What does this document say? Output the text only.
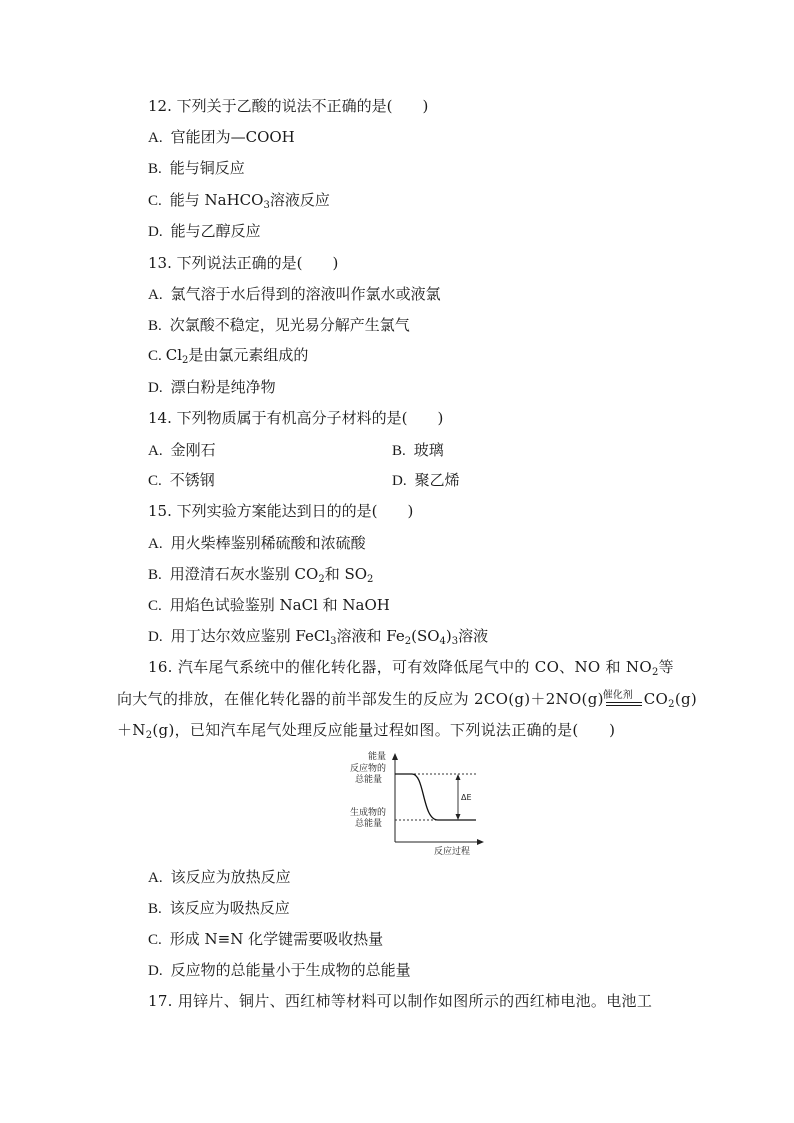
12. 下列关于乙酸的说法不正确的是(　　)
A. 官能团为—COOH
B. 能与铜反应
C. 能与 NaHCO$_3$溶液反应
D. 能与乙醇反应
13. 下列说法正确的是(　　)
A. 氯气溶于水后得到的溶液叫作氯水或液氯
B. 次氯酸不稳定，见光易分解产生氯气
C. $Cl_2$是由氯元素组成的
D. 漂白粉是纯净物
14. 下列物质属于有机高分子材料的是(　　)
A. 金刚石	B. 玻璃
C. 不锈钢	D. 聚乙烯
15. 下列实验方案能达到日的的是(　　)
A. 用火柴棒鉴别稀硫酸和浓硫酸
B. 用澄清石灰水鉴别 $CO_2$和 $SO_2$
C. 用焰色试验鉴别 NaCl 和 NaOH
D. 用丁达尔效应鉴别 FeCl$_3$溶液和 $Fe_2(SO_4)_3$溶液
16. 汽车尾气系统中的催化转化器，可有效降低尾气中的 CO、NO 和 $NO_2$等
向大气的排放，在催化转化器的前半部发生的反应为 2CO(g)＋2NO(g) 催化剂 $CO_2(g)$
$+N_2(g)$，已知汽车尾气处理反应能量过程如图。下列说法正确的是(　　)
能量
反应物的
总能量
生成物的
总能量
ΔE
反应过程
A. 该反应为放热反应
B. 该反应为吸热反应
C. 形成 N≡N 化学键需要吸收热量
D. 反应物的总能量小于生成物的总能量
17. 用锌片、铜片、西红柿等材料可以制作如图所示的西红柿电池。电池工
